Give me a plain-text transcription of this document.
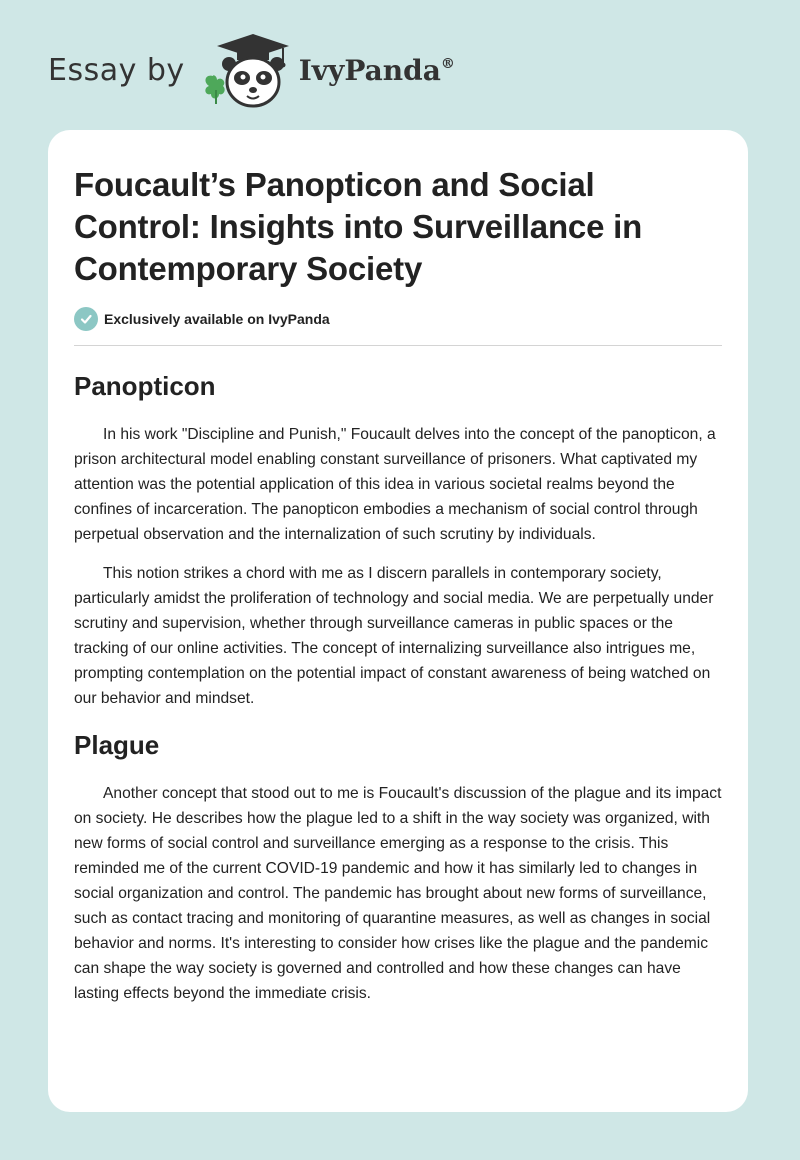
Essay by	IvyPanda®
Foucault’s Panopticon and Social Control: Insights into Surveillance in Contemporary Society
Exclusively available on IvyPanda
Panopticon

In his work "Discipline and Punish," Foucault delves into the concept of the panopticon, a prison architectural model enabling constant surveillance of prisoners. What captivated my attention was the potential application of this idea in various societal realms beyond the confines of incarceration. The panopticon embodies a mechanism of social control through perpetual observation and the internalization of such scrutiny by individuals.

This notion strikes a chord with me as I discern parallels in contemporary society, particularly amidst the proliferation of technology and social media. We are perpetually under scrutiny and supervision, whether through surveillance cameras in public spaces or the tracking of our online activities. The concept of internalizing surveillance also intrigues me, prompting contemplation on the potential impact of constant awareness of being watched on our behavior and mindset.

Plague

Another concept that stood out to me is Foucault's discussion of the plague and its impact on society. He describes how the plague led to a shift in the way society was organized, with new forms of social control and surveillance emerging as a response to the crisis. This reminded me of the current COVID-19 pandemic and how it has similarly led to changes in social organization and control. The pandemic has brought about new forms of surveillance, such as contact tracing and monitoring of quarantine measures, as well as changes in social behavior and norms. It's interesting to consider how crises like the plague and the pandemic can shape the way society is governed and controlled and how these changes can have lasting effects beyond the immediate crisis.
